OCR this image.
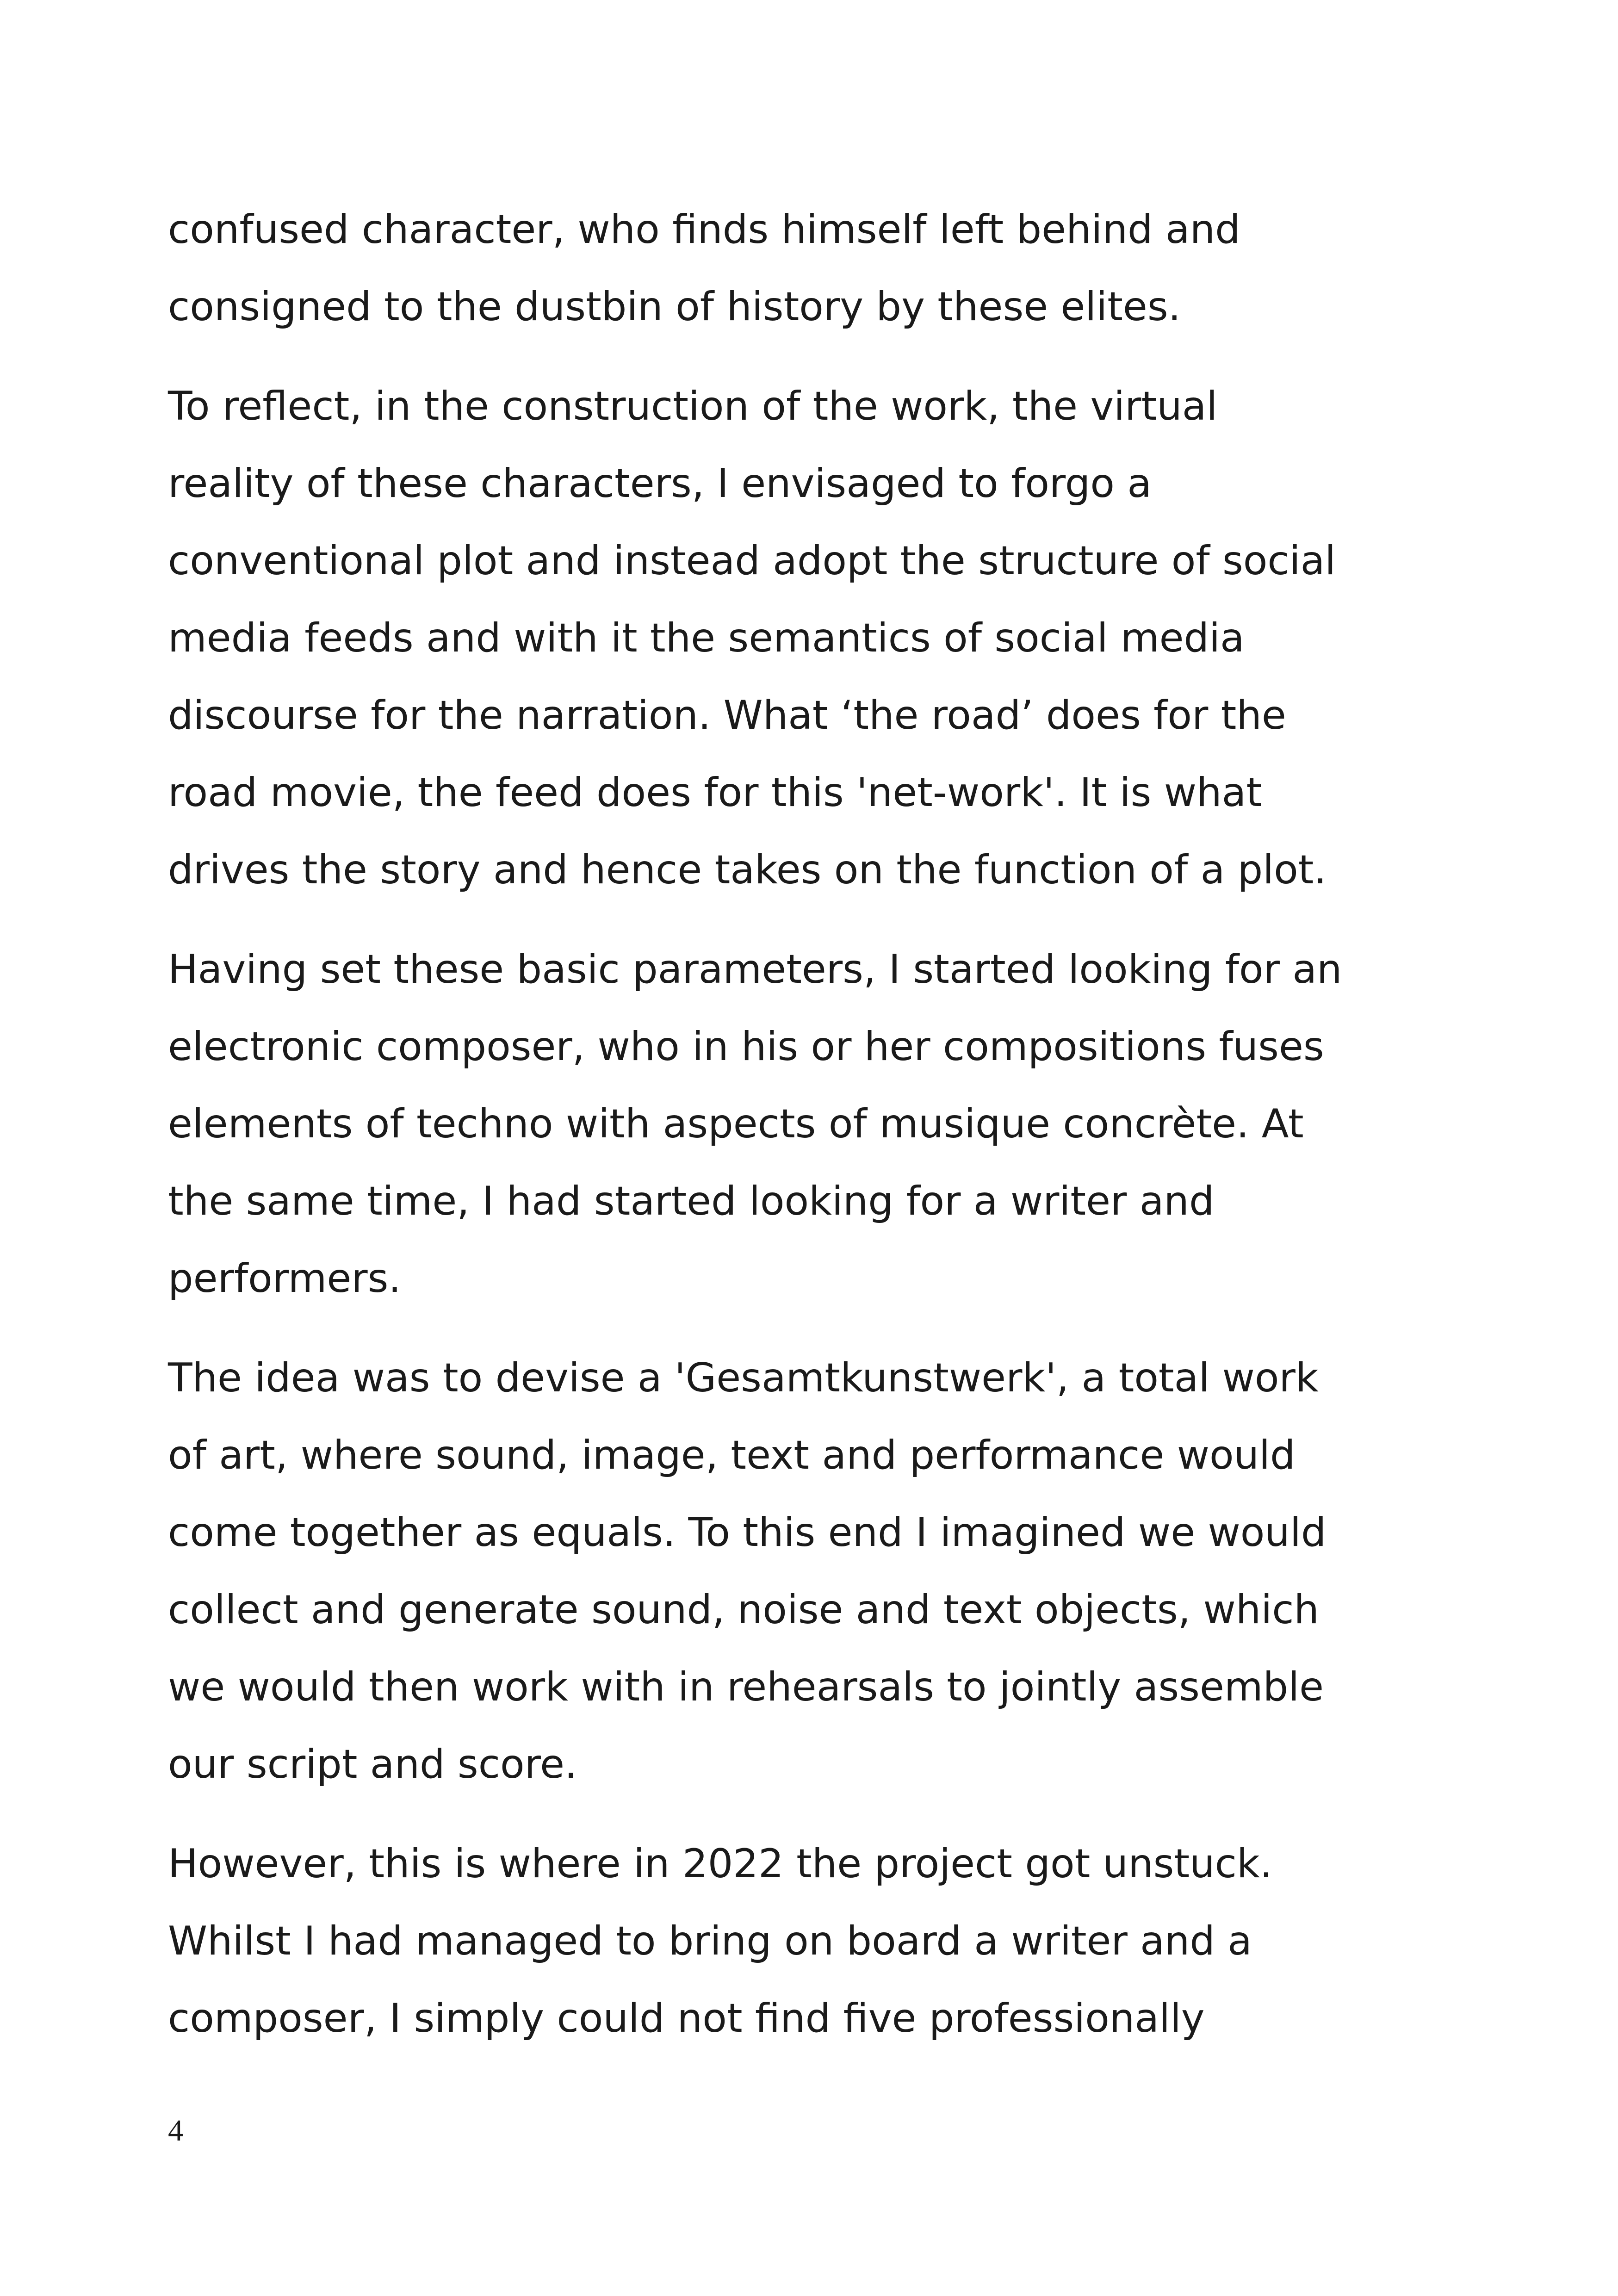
confused character, who finds himself left behind and
consigned to the dustbin of history by these elites.

To reflect, in the construction of the work, the virtual
reality of these characters, I envisaged to forgo a
conventional plot and instead adopt the structure of social
media feeds and with it the semantics of social media
discourse for the narration. What ‘the road’ does for the
road movie, the feed does for this 'net-work'. It is what
drives the story and hence takes on the function of a plot.

Having set these basic parameters, I started looking for an
electronic composer, who in his or her compositions fuses
elements of techno with aspects of musique concrète. At
the same time, I had started looking for a writer and
performers.

The idea was to devise a 'Gesamtkunstwerk', a total work
of art, where sound, image, text and performance would
come together as equals. To this end I imagined we would
collect and generate sound, noise and text objects, which
we would then work with in rehearsals to jointly assemble
our script and score.

However, this is where in 2022 the project got unstuck.
Whilst I had managed to bring on board a writer and a
composer, I simply could not find five professionally

4
